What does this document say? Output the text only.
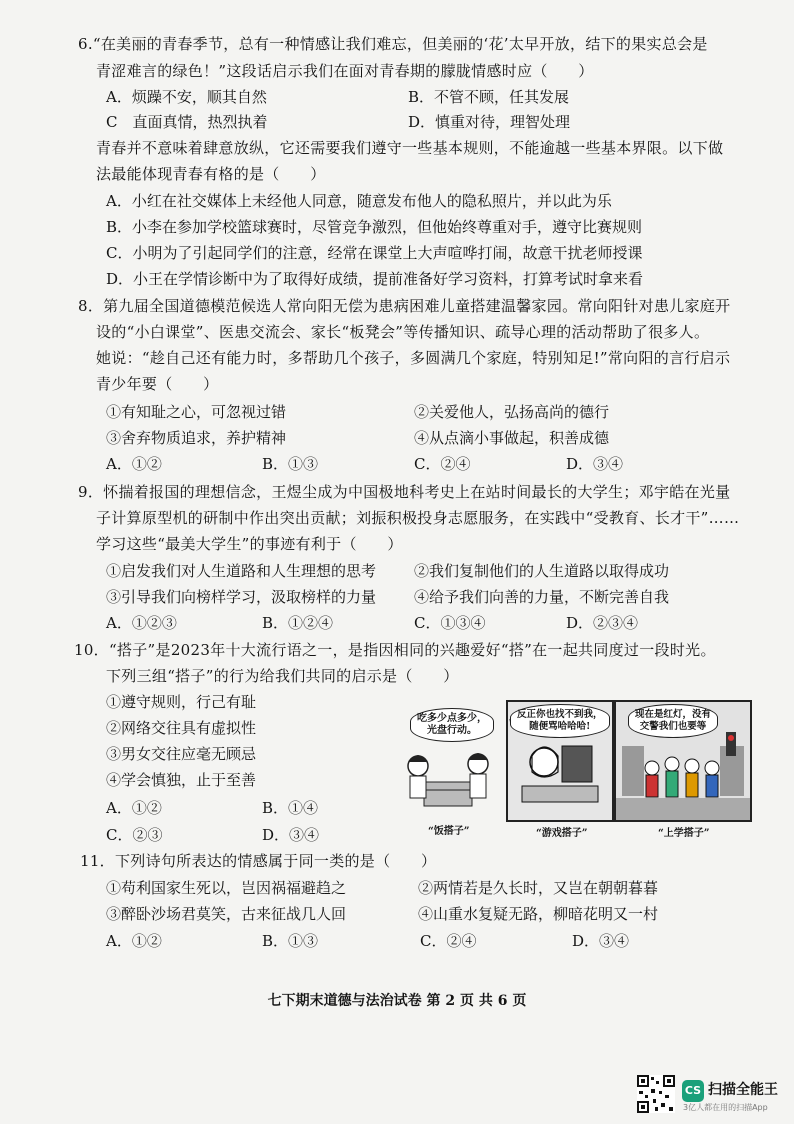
6.“在美丽的青春季节，总有一种情感让我们难忘，但美丽的‘花’太早开放，结下的果实总会是
青涩难言的绿色！”这段话启示我们在面对青春期的朦胧情感时应（　　）
A．烦躁不安，顺其自然	B．不管不顾，任其发展
C　直面真情，热烈执着	D．慎重对待，理智处理
青春并不意味着肆意放纵，它还需要我们遵守一些基本规则，不能逾越一些基本界限。以下做
法最能体现青春有格的是（　　）
A．小红在社交媒体上未经他人同意，随意发布他人的隐私照片，并以此为乐
B．小李在参加学校篮球赛时，尽管竞争激烈，但他始终尊重对手，遵守比赛规则
C．小明为了引起同学们的注意，经常在课堂上大声喧哗打闹，故意干扰老师授课
D．小王在学情诊断中为了取得好成绩，提前准备好学习资料，打算考试时拿来看
8．第九届全国道德模范候选人常向阳无偿为患病困难儿童搭建温馨家园。常向阳针对患儿家庭开
设的“小白课堂”、医患交流会、家长“板凳会”等传播知识、疏导心理的活动帮助了很多人。
她说：“趁自己还有能力时，多帮助几个孩子，多圆满几个家庭，特别知足!”常向阳的言行启示
青少年要（　　）
①有知耻之心，可忽视过错	②关爱他人，弘扬高尚的德行
③舍弃物质追求，养护精神	④从点滴小事做起，积善成德
A．①②	B．①③	C．②④	D．③④
9．怀揣着报国的理想信念，王煜尘成为中国极地科考史上在站时间最长的大学生；邓宇皓在光量
子计算原型机的研制中作出突出贡献；刘振积极投身志愿服务，在实践中“受教育、长才干”……
学习这些“最美大学生”的事迹有利于（　　）
①启发我们对人生道路和人生理想的思考	②我们复制他们的人生道路以取得成功
③引导我们向榜样学习，汲取榜样的力量	④给予我们向善的力量，不断完善自我
A．①②③	B．①②④	C．①③④	D．②③④
10．“搭子”是2023年十大流行语之一，是指因相同的兴趣爱好“搭”在一起共同度过一段时光。
下列三组“搭子”的行为给我们共同的启示是（　　）
①遵守规则，行己有耻
②网络交往具有虚拟性
③男女交往应毫无顾忌
④学会慎独，止于至善
A．①②	B．①④
C．②③	D．③④
吃多少点多少，
光盘行动。
“饭搭子”
反正你也找不到我，
随便骂哈哈哈!
“游戏搭子”
现在是红灯，没有
交警我们也要等
“上学搭子”
11．下列诗句所表达的情感属于同一类的是（　　）
①苟利国家生死以，岂因祸福避趋之	②两情若是久长时，又岂在朝朝暮暮
③醉卧沙场君莫笑，古来征战几人回	④山重水复疑无路，柳暗花明又一村
A．①②	B．①③	C．②④	D．③④
七下期末道德与法治试卷 第 2 页 共 6 页
CS 扫描全能王
3亿人都在用的扫描App
